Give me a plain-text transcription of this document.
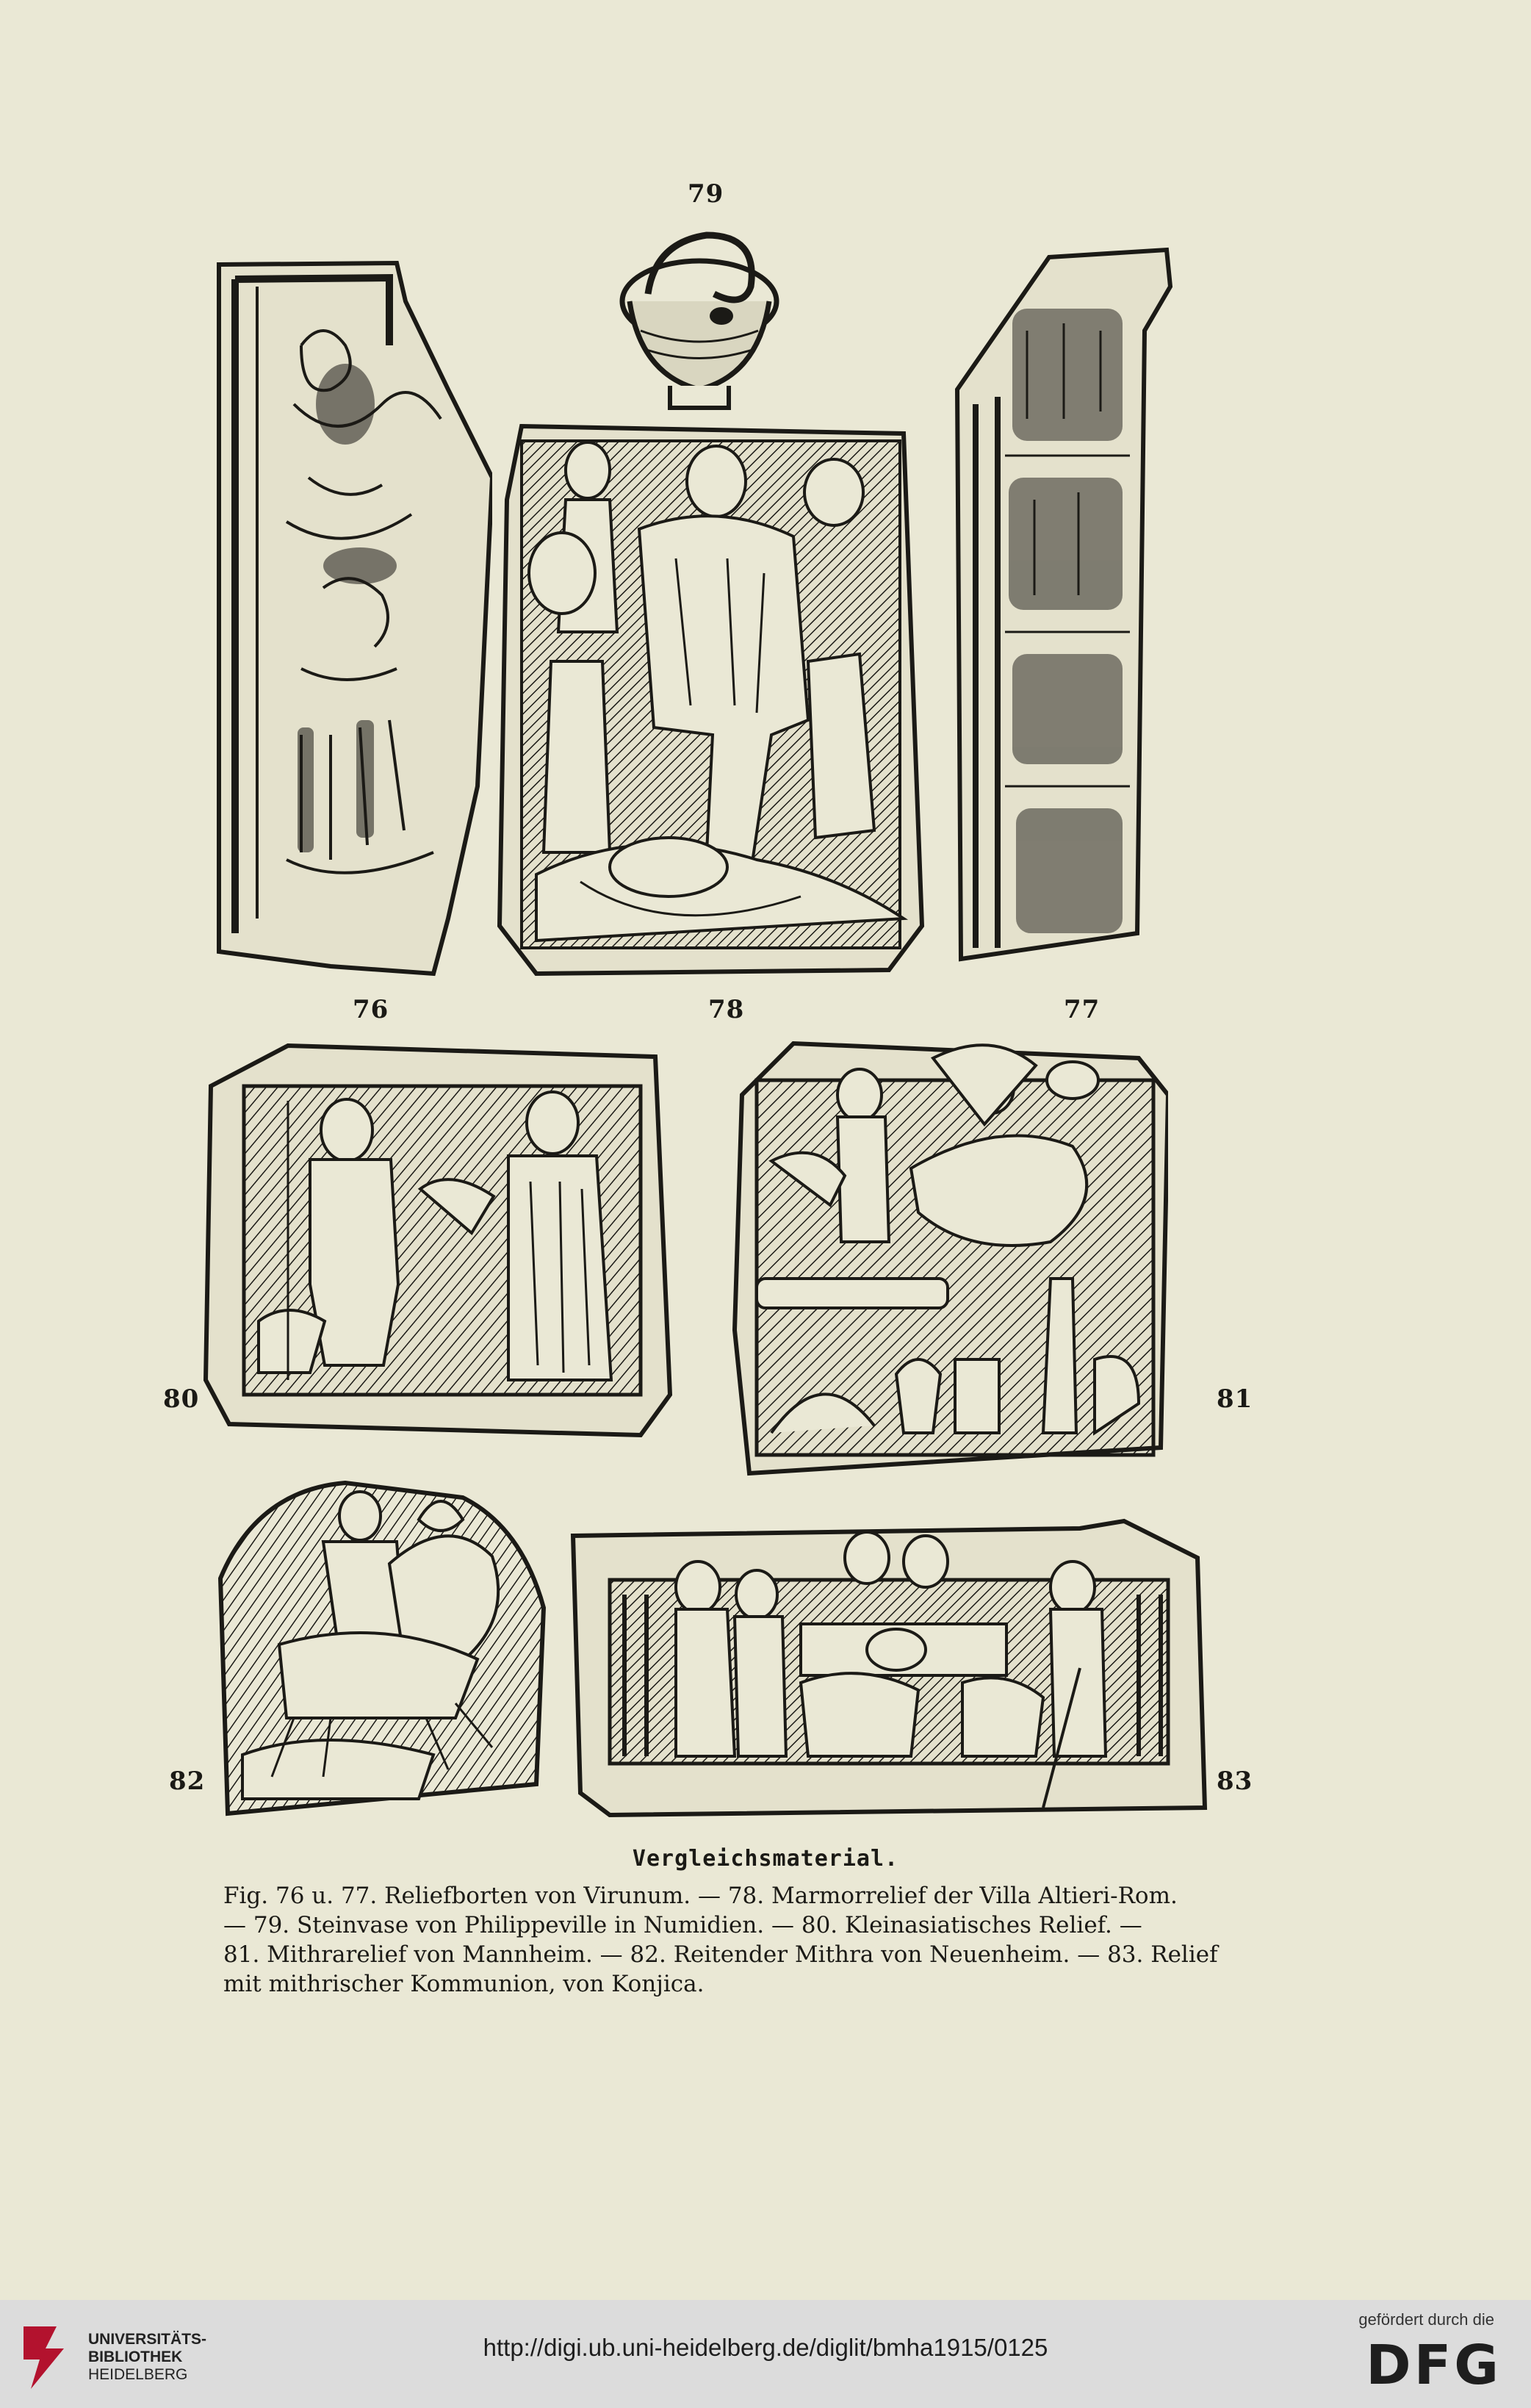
79
76	78	77
80	81
82	83
Vergleichsmaterial.
Fig. 76 u. 77. Reliefborten von Virunum. — 78. Marmorrelief der Villa Altieri-Rom.
— 79. Steinvase von Philippeville in Numidien. — 80. Kleinasiatisches Relief. —
81. Mithrarelief von Mannheim. — 82. Reitender Mithra von Neuenheim. — 83. Relief
mit mithrischer Kommunion, von Konjica.
UNIVERSITÄTS-
BIBLIOTHEK
HEIDELBERG
http://digi.ub.uni-heidelberg.de/diglit/bmha1915/0125
gefördert durch die
DFG
